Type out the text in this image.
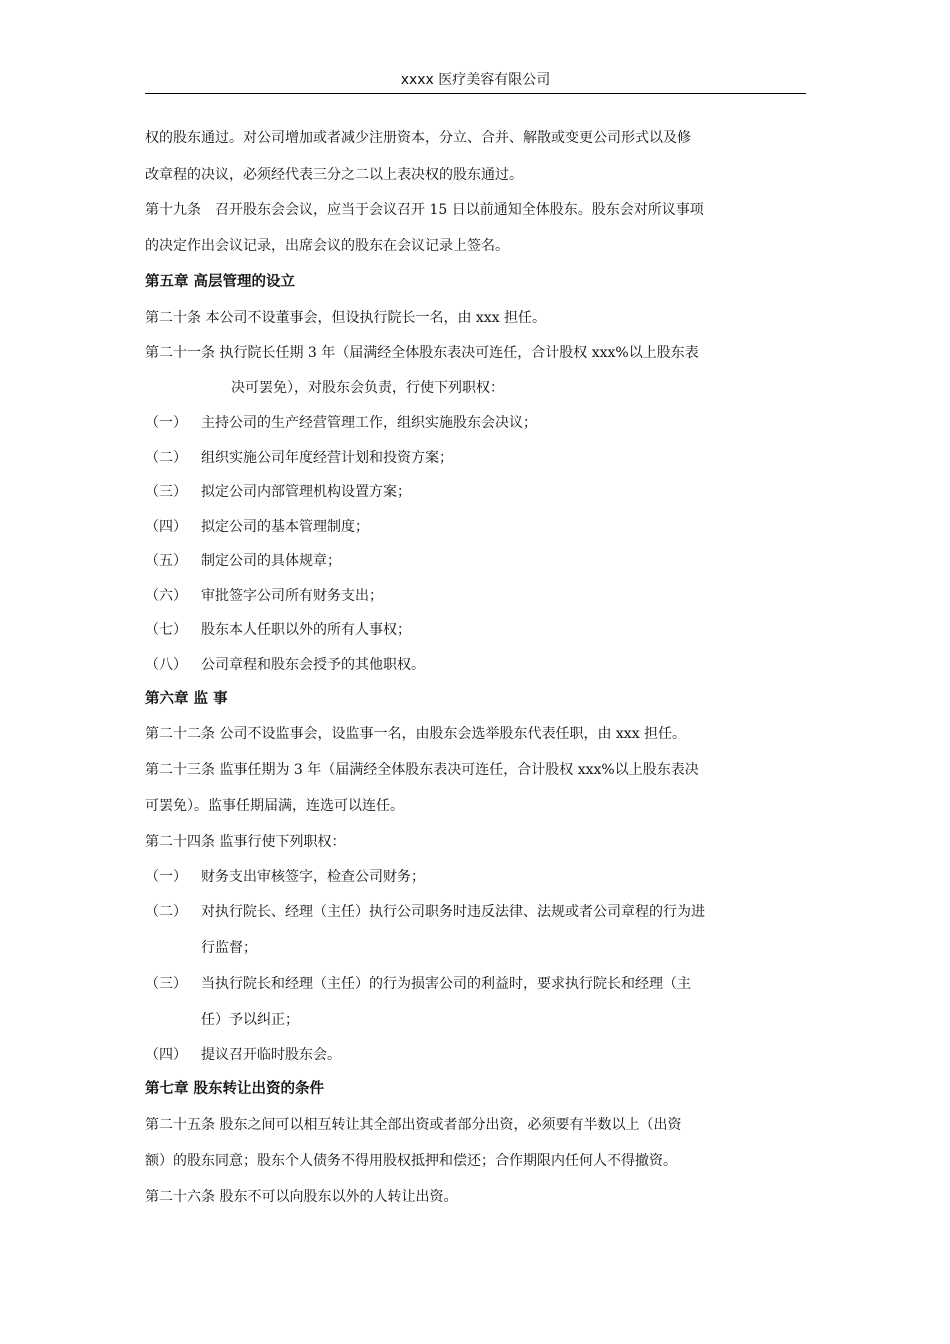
xxxx 医疗美容有限公司
权的股东通过。对公司增加或者减少注册资本，分立、合并、解散或变更公司形式以及修
改章程的决议，必须经代表三分之二以上表决权的股东通过。
第十九条　召开股东会会议，应当于会议召开 15 日以前通知全体股东。股东会对所议事项
的决定作出会议记录，出席会议的股东在会议记录上签名。
第五章 高层管理的设立
第二十条 本公司不设董事会，但设执行院长一名，由 xxx 担任。
第二十一条 执行院长任期 3 年（届满经全体股东表决可连任，合计股权 xxx%以上股东表
决可罢免），对股东会负责，行使下列职权：
（一） 主持公司的生产经营管理工作，组织实施股东会决议；
（二） 组织实施公司年度经营计划和投资方案；
（三） 拟定公司内部管理机构设置方案；
（四） 拟定公司的基本管理制度；
（五） 制定公司的具体规章；
（六） 审批签字公司所有财务支出；
（七） 股东本人任职以外的所有人事权；
（八） 公司章程和股东会授予的其他职权。
第六章 监 事
第二十二条 公司不设监事会，设监事一名，由股东会选举股东代表任职，由 xxx 担任。
第二十三条 监事任期为 3 年（届满经全体股东表决可连任，合计股权 xxx%以上股东表决
可罢免）。监事任期届满，连选可以连任。
第二十四条 监事行使下列职权：
（一） 财务支出审核签字，检查公司财务；
（二） 对执行院长、经理（主任）执行公司职务时违反法律、法规或者公司章程的行为进
行监督；
（三） 当执行院长和经理（主任）的行为损害公司的利益时，要求执行院长和经理（主
任）予以纠正；
（四） 提议召开临时股东会。
第七章 股东转让出资的条件
第二十五条 股东之间可以相互转让其全部出资或者部分出资，必须要有半数以上（出资
额）的股东同意；股东个人债务不得用股权抵押和偿还；合作期限内任何人不得撤资。
第二十六条 股东不可以向股东以外的人转让出资。
